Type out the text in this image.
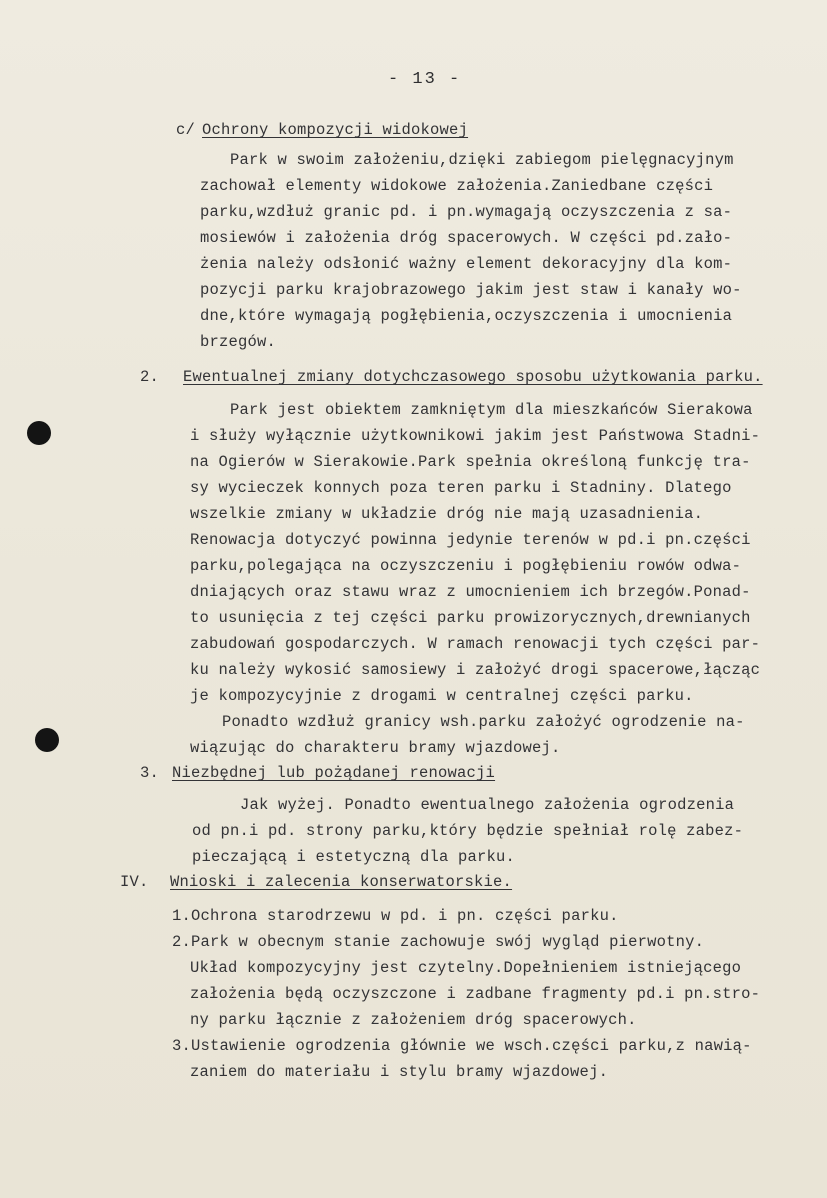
- 13 -
c/ Ochrony kompozycji widokowej
Park w swoim założeniu,dzięki zabiegom pielęgnacyjnym
zachował elementy widokowe założenia.Zaniedbane części
parku,wzdłuż granic pd. i pn.wymagają oczyszczenia z sa-
mosiewów i założenia dróg spacerowych. W części pd.zało-
żenia należy odsłonić ważny element dekoracyjny dla kom-
pozycji parku krajobrazowego jakim jest staw i kanały wo-
dne,które wymagają pogłębienia,oczyszczenia i umocnienia
brzegów.
2. Ewentualnej zmiany dotychczasowego sposobu użytkowania parku.
Park jest obiektem zamkniętym dla mieszkańców Sierakowa
i służy wyłącznie użytkownikowi jakim jest Państwowa Stadni-
na Ogierów w Sierakowie.Park spełnia określoną funkcję tra-
sy wycieczek konnych poza teren parku i Stadniny. Dlatego
wszelkie zmiany w układzie dróg nie mają uzasadnienia.
Renowacja dotyczyć powinna jedynie terenów w pd.i pn.części
parku,polegająca na oczyszczeniu i pogłębieniu rowów odwa-
dniających oraz stawu wraz z umocnieniem ich brzegów.Ponad-
to usunięcia z tej części parku prowizorycznych,drewnianych
zabudowań gospodarczych. W ramach renowacji tych części par-
ku należy wykosić samosiewy i założyć drogi spacerowe,łącząc
je kompozycyjnie z drogami w centralnej części parku.
Ponadto wzdłuż granicy wsh.parku założyć ogrodzenie na-
wiązując do charakteru bramy wjazdowej.
3. Niezbędnej lub pożądanej renowacji
Jak wyżej. Ponadto ewentualnego założenia ogrodzenia
od pn.i pd. strony parku,który będzie spełniał rolę zabez-
pieczającą i estetyczną dla parku.
IV. Wnioski i zalecenia konserwatorskie.
1.Ochrona starodrzewu w pd. i pn. części parku.
2.Park w obecnym stanie zachowuje swój wygląd pierwotny.
Układ kompozycyjny jest czytelny.Dopełnieniem istniejącego
założenia będą oczyszczone i zadbane fragmenty pd.i pn.stro-
ny parku łącznie z założeniem dróg spacerowych.
3.Ustawienie ogrodzenia głównie we wsch.części parku,z nawią-
zaniem do materiału i stylu bramy wjazdowej.
